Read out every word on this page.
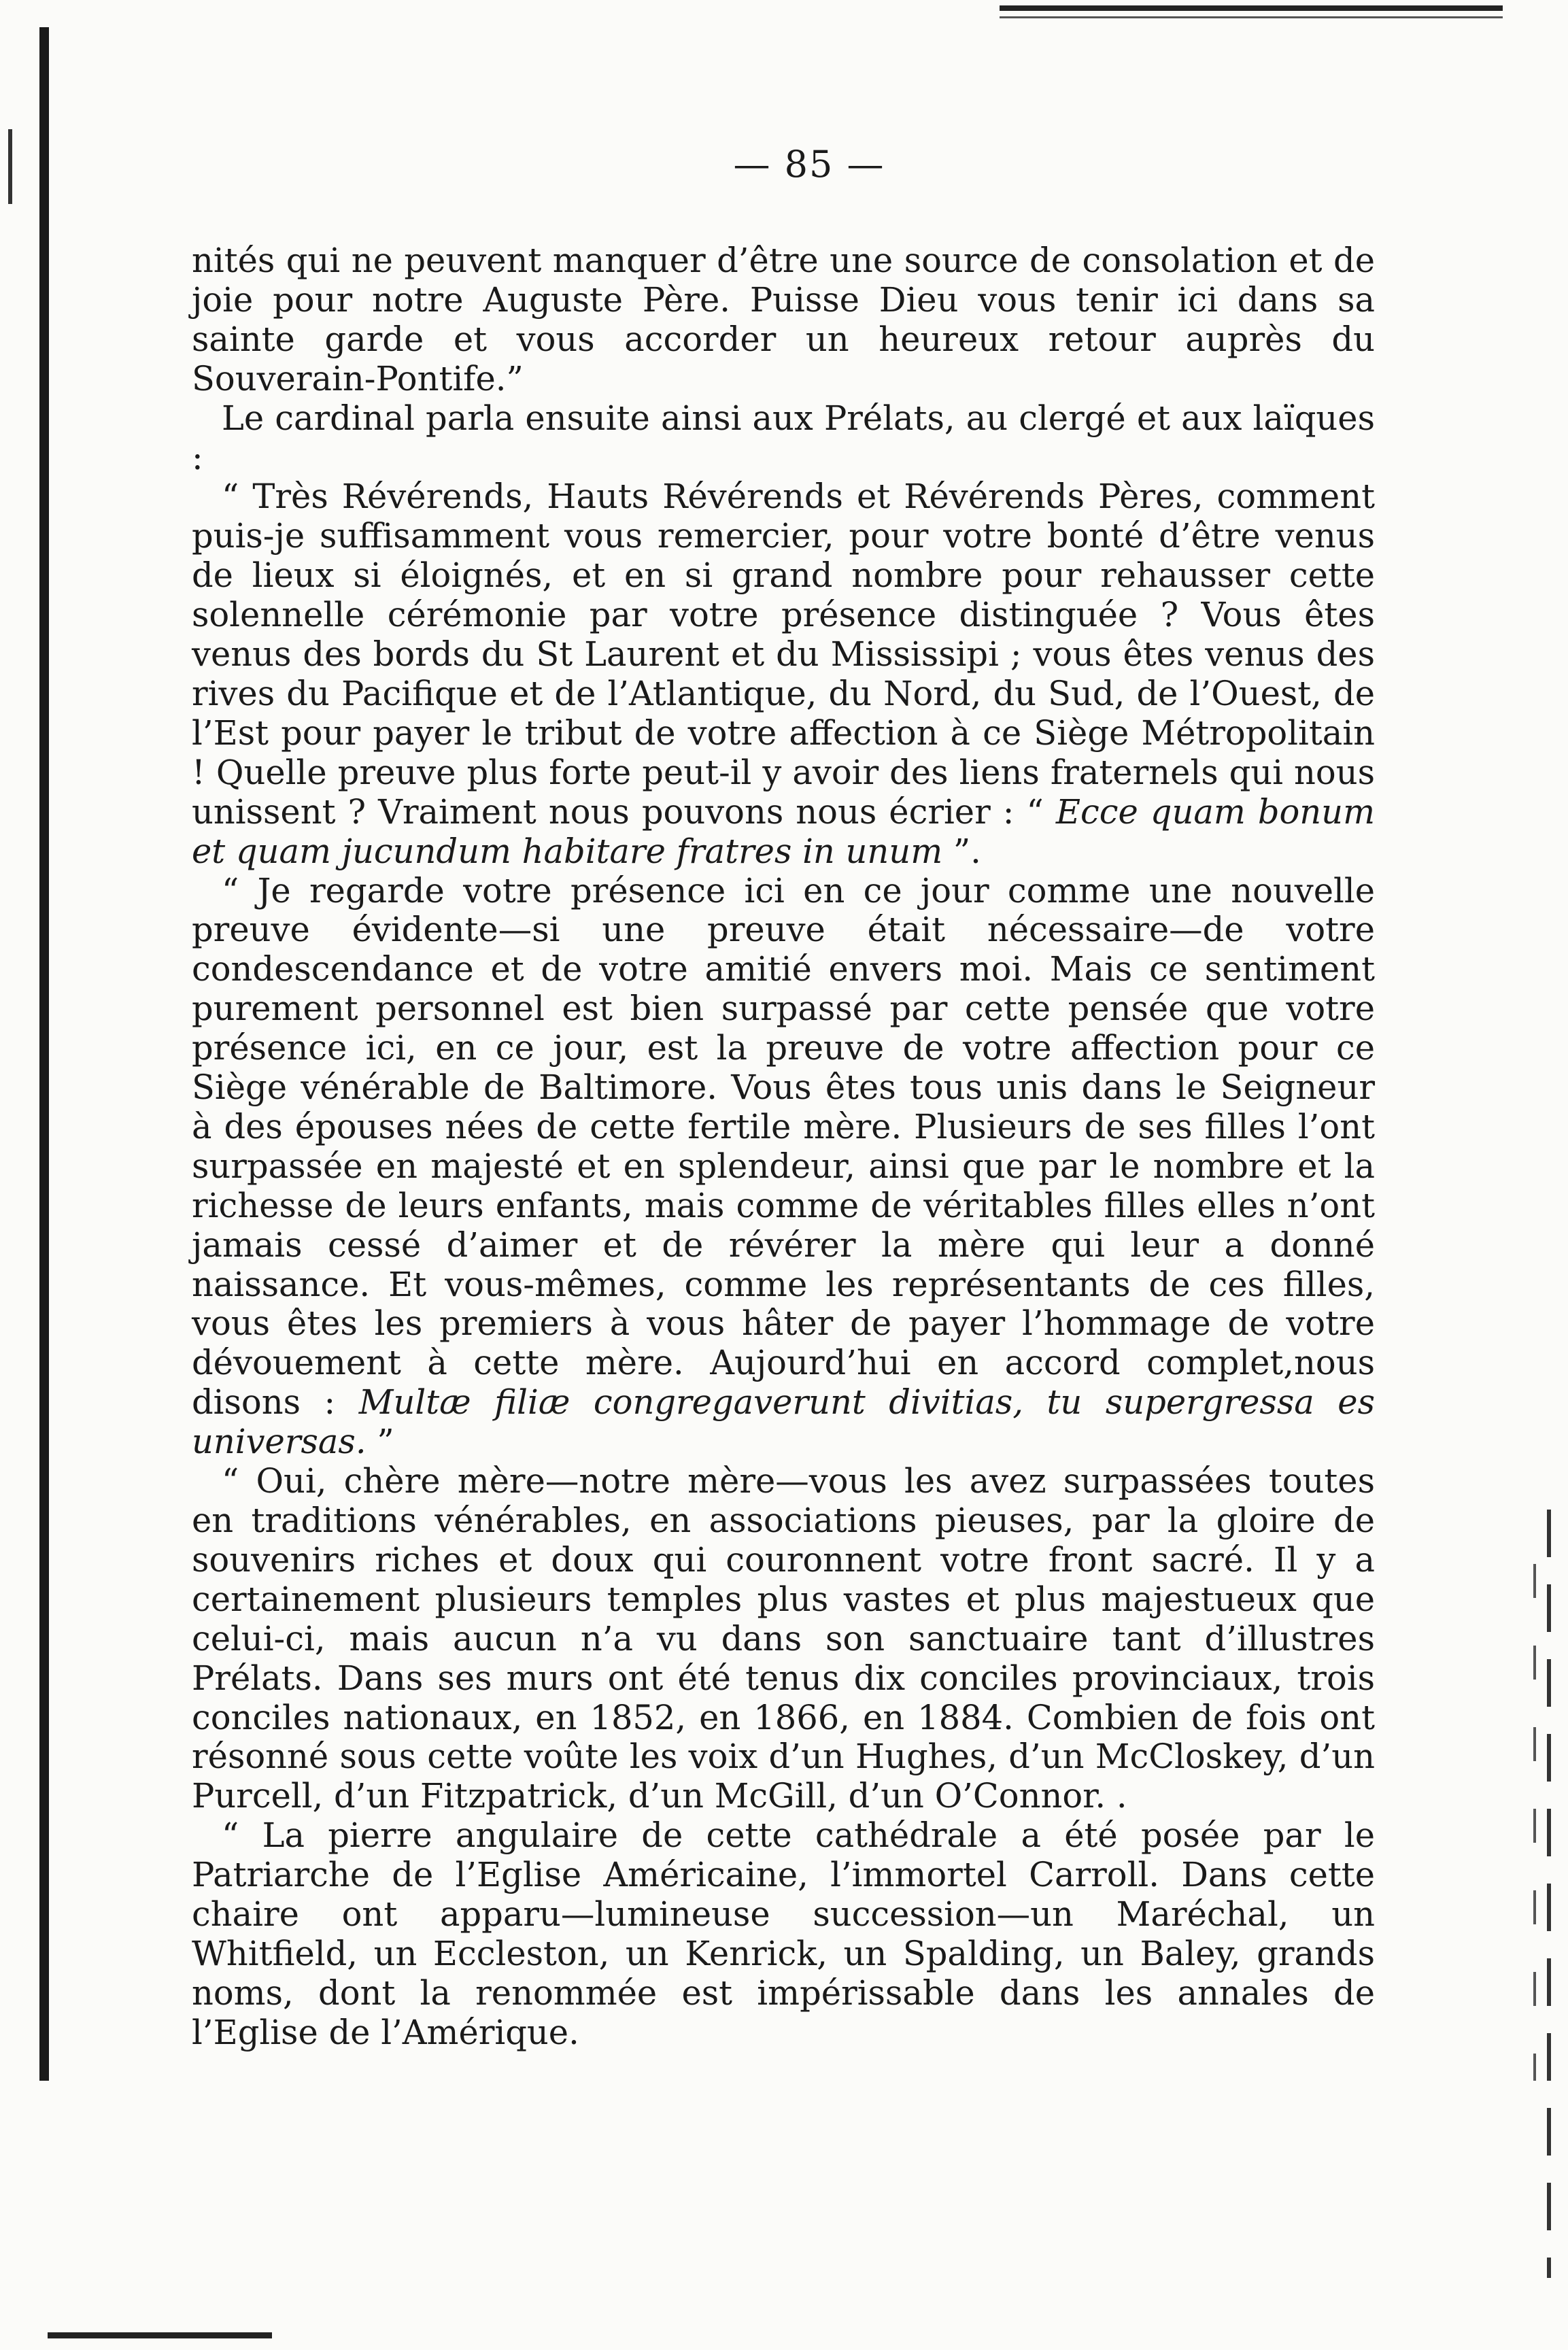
— 85 —

nités qui ne peuvent manquer d’être une source de consolation et de joie pour notre Auguste Père. Puisse Dieu vous tenir ici dans sa sainte garde et vous accorder un heureux retour auprès du Souverain-Pontife.”

Le cardinal parla ensuite ainsi aux Prélats, au clergé et aux laïques :

“ Très Révérends, Hauts Révérends et Révérends Pères, comment puis-je suffisamment vous remercier, pour votre bonté d’être venus de lieux si éloignés, et en si grand nombre pour rehausser cette solennelle cérémonie par votre présence distinguée ? Vous êtes venus des bords du St Laurent et du Mississipi ; vous êtes venus des rives du Pacifique et de l’Atlantique, du Nord, du Sud, de l’Ouest, de l’Est pour payer le tribut de votre affection à ce Siège Métropolitain ! Quelle preuve plus forte peut-il y avoir des liens fraternels qui nous unissent ? Vraiment nous pouvons nous écrier : “ Ecce quam bonum et quam jucundum habitare fratres in unum ”.

“ Je regarde votre présence ici en ce jour comme une nouvelle preuve évidente—si une preuve était nécessaire—de votre condescendance et de votre amitié envers moi. Mais ce sentiment purement personnel est bien surpassé par cette pensée que votre présence ici, en ce jour, est la preuve de votre affection pour ce Siège vénérable de Baltimore. Vous êtes tous unis dans le Seigneur à des épouses nées de cette fertile mère. Plusieurs de ses filles l’ont surpassée en majesté et en splendeur, ainsi que par le nombre et la richesse de leurs enfants, mais comme de véritables filles elles n’ont jamais cessé d’aimer et de révérer la mère qui leur a donné naissance. Et vous-mêmes, comme les représentants de ces filles, vous êtes les premiers à vous hâter de payer l’hommage de votre dévouement à cette mère. Aujourd’hui en accord complet,nous disons : Multæ filiæ congregaverunt divitias, tu supergressa es universas. ”

“ Oui, chère mère—notre mère—vous les avez surpassées toutes en traditions vénérables, en associations pieuses, par la gloire de souvenirs riches et doux qui couronnent votre front sacré. Il y a certainement plusieurs temples plus vastes et plus majestueux que celui-ci, mais aucun n’a vu dans son sanctuaire tant d’illustres Prélats. Dans ses murs ont été tenus dix conciles provinciaux, trois conciles nationaux, en 1852, en 1866, en 1884. Combien de fois ont résonné sous cette voûte les voix d’un Hughes, d’un McCloskey, d’un Purcell, d’un Fitzpatrick, d’un McGill, d’un O’Connor. .

“ La pierre angulaire de cette cathédrale a été posée par le Patriarche de l’Eglise Américaine, l’immortel Carroll. Dans cette chaire ont apparu—lumineuse succession—un Maréchal, un Whitfield, un Eccleston, un Kenrick, un Spalding, un Baley, grands noms, dont la renommée est impérissable dans les annales de l’Eglise de l’Amérique.
